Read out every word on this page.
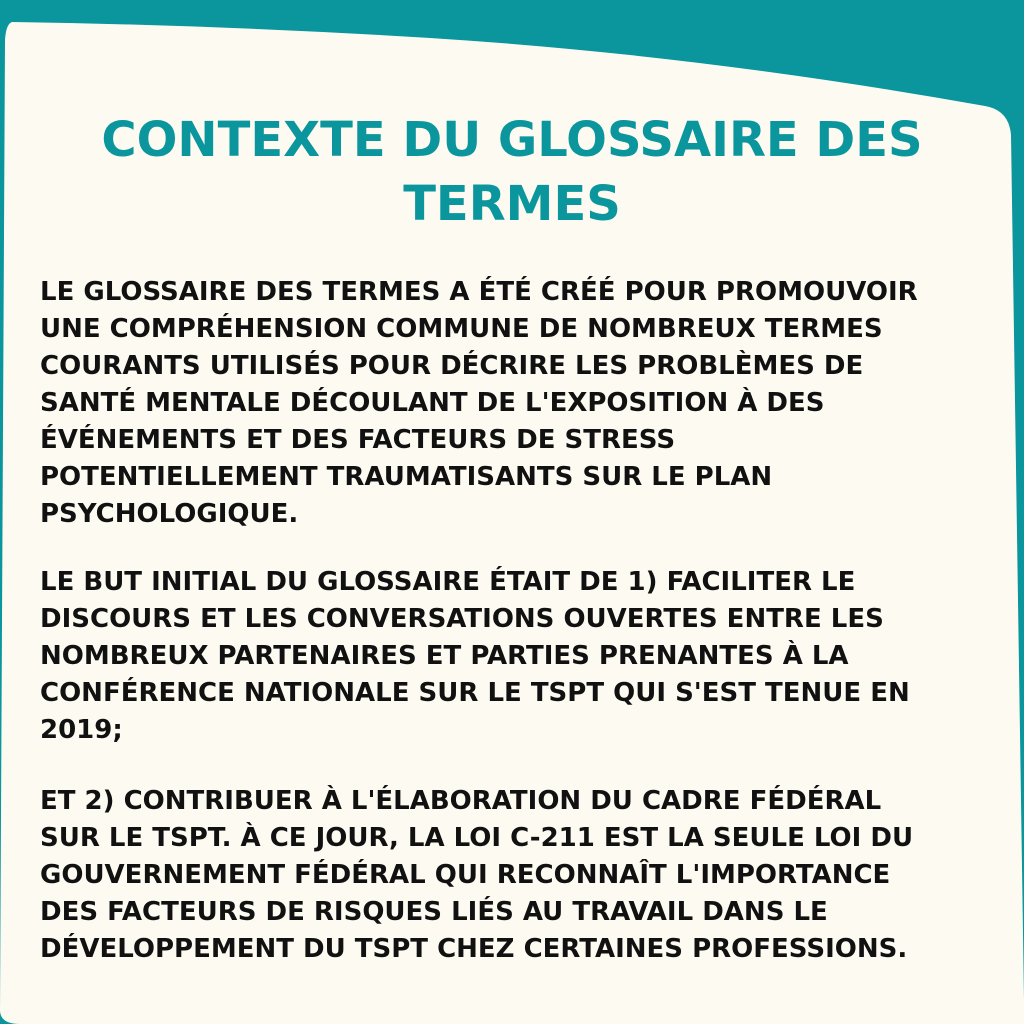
CONTEXTE DU GLOSSAIRE DES
TERMES

LE GLOSSAIRE DES TERMES A ÉTÉ CRÉÉ POUR PROMOUVOIR
UNE COMPRÉHENSION COMMUNE DE NOMBREUX TERMES
COURANTS UTILISÉS POUR DÉCRIRE LES PROBLÈMES DE
SANTÉ MENTALE DÉCOULANT DE L'EXPOSITION À DES
ÉVÉNEMENTS ET DES FACTEURS DE STRESS
POTENTIELLEMENT TRAUMATISANTS SUR LE PLAN
PSYCHOLOGIQUE.

LE BUT INITIAL DU GLOSSAIRE ÉTAIT DE 1) FACILITER LE
DISCOURS ET LES CONVERSATIONS OUVERTES ENTRE LES
NOMBREUX PARTENAIRES ET PARTIES PRENANTES À LA
CONFÉRENCE NATIONALE SUR LE TSPT QUI S'EST TENUE EN
2019;

ET 2) CONTRIBUER À L'ÉLABORATION DU CADRE FÉDÉRAL
SUR LE TSPT. À CE JOUR, LA LOI C-211 EST LA SEULE LOI DU
GOUVERNEMENT FÉDÉRAL QUI RECONNAÎT L'IMPORTANCE
DES FACTEURS DE RISQUES LIÉS AU TRAVAIL DANS LE
DÉVELOPPEMENT DU TSPT CHEZ CERTAINES PROFESSIONS.
